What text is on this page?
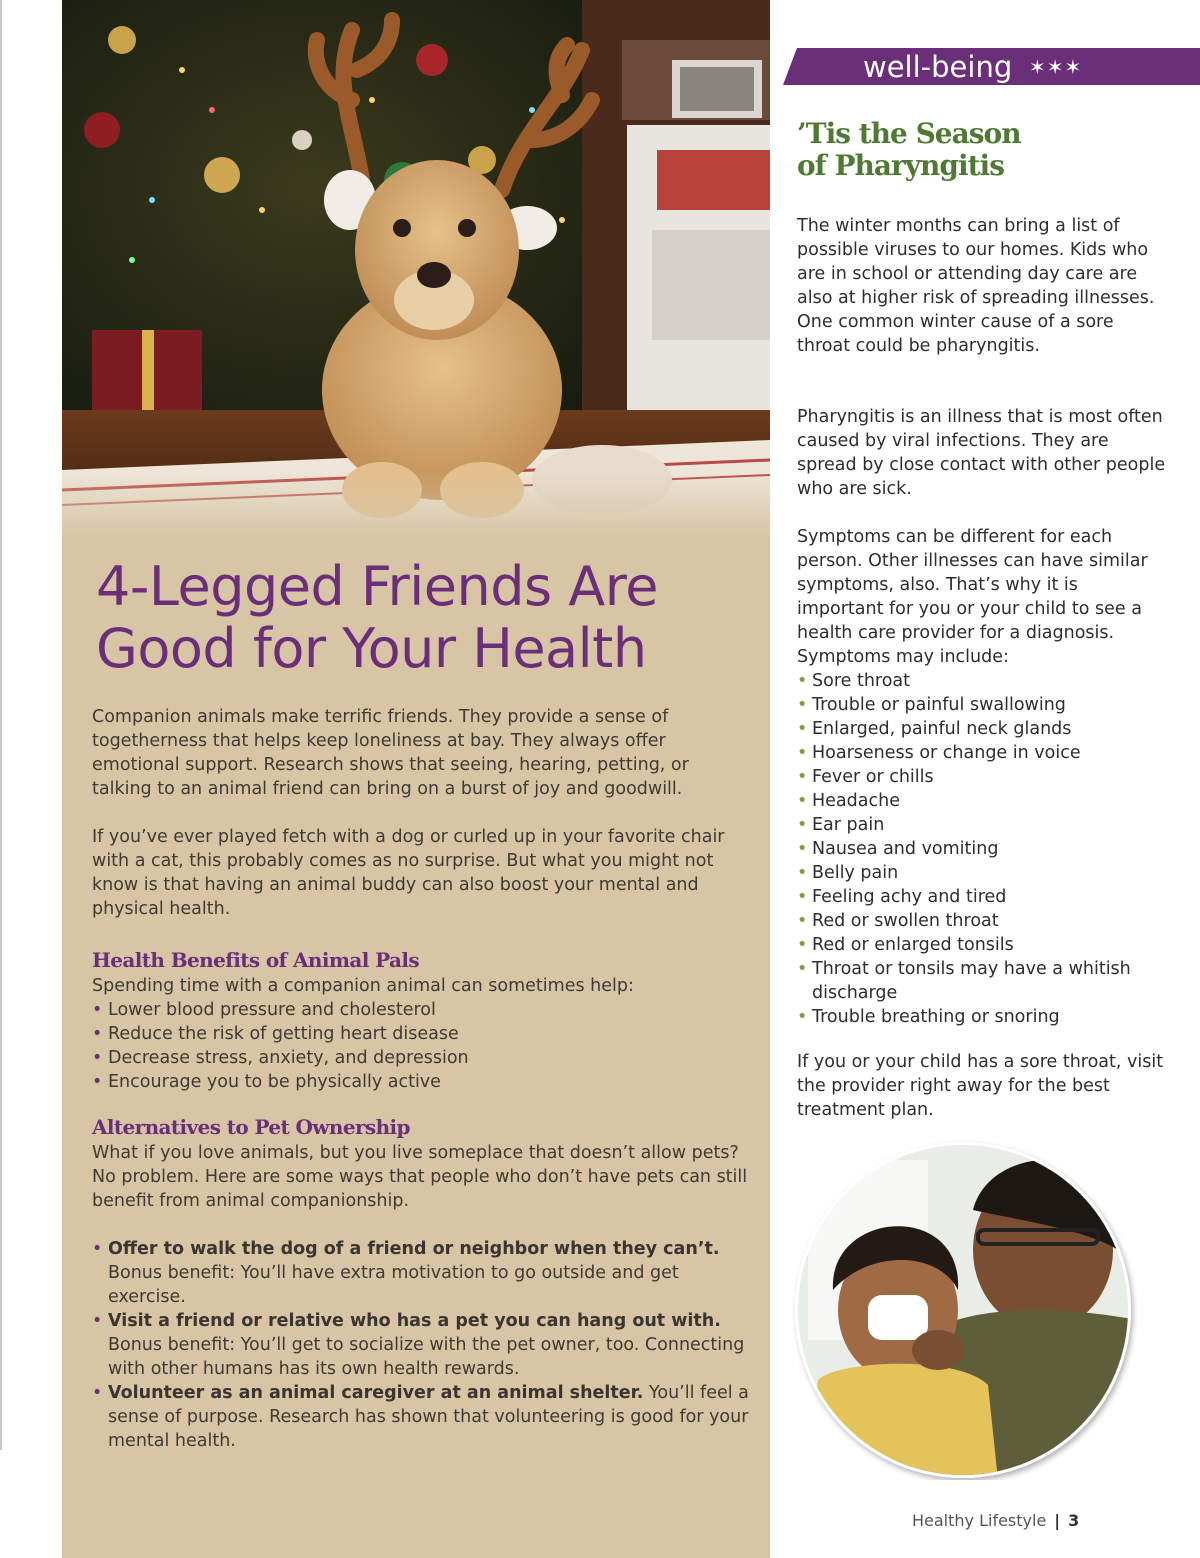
4-Legged Friends Are
Good for Your Health

Companion animals make terrific friends. They provide a sense of togetherness that helps keep loneliness at bay. They always offer emotional support. Research shows that seeing, hearing, petting, or talking to an animal friend can bring on a burst of joy and goodwill.

If you’ve ever played fetch with a dog or curled up in your favorite chair with a cat, this probably comes as no surprise. But what you might not know is that having an animal buddy can also boost your mental and physical health.

Health Benefits of Animal Pals

Spending time with a companion animal can sometimes help:

• Lower blood pressure and cholesterol
• Reduce the risk of getting heart disease
• Decrease stress, anxiety, and depression
• Encourage you to be physically active
Alternatives to Pet Ownership

What if you love animals, but you live someplace that doesn’t allow pets? No problem. Here are some ways that people who don’t have pets can still benefit from animal companionship.

• Offer to walk the dog of a friend or neighbor when they can’t.
Bonus benefit: You’ll have extra motivation to go outside and get exercise.
• Visit a friend or relative who has a pet you can hang out with.
Bonus benefit: You’ll get to socialize with the pet owner, too. Connecting with other humans has its own health rewards.
• Volunteer as an animal caregiver at an animal shelter. You’ll feel a sense of purpose. Research has shown that volunteering is good for your mental health.
well-being ✶✶✶
’Tis the Season
of Pharyngitis

The winter months can bring a list of possible viruses to our homes. Kids who are in school or attending day care are also at higher risk of spreading illnesses. One common winter cause of a sore throat could be pharyngitis.

Pharyngitis is an illness that is most often caused by viral infections. They are spread by close contact with other people who are sick.

Symptoms can be different for each person. Other illnesses can have similar symptoms, also. That’s why it is important for you or your child to see a health care provider for a diagnosis. Symptoms may include:

• Sore throat
• Trouble or painful swallowing
• Enlarged, painful neck glands
• Hoarseness or change in voice
• Fever or chills
• Headache
• Ear pain
• Nausea and vomiting
• Belly pain
• Feeling achy and tired
• Red or swollen throat
• Red or enlarged tonsils
• Throat or tonsils may have a whitish discharge
• Trouble breathing or snoring

If you or your child has a sore throat, visit the provider right away for the best treatment plan.

Healthy Lifestyle | 3
